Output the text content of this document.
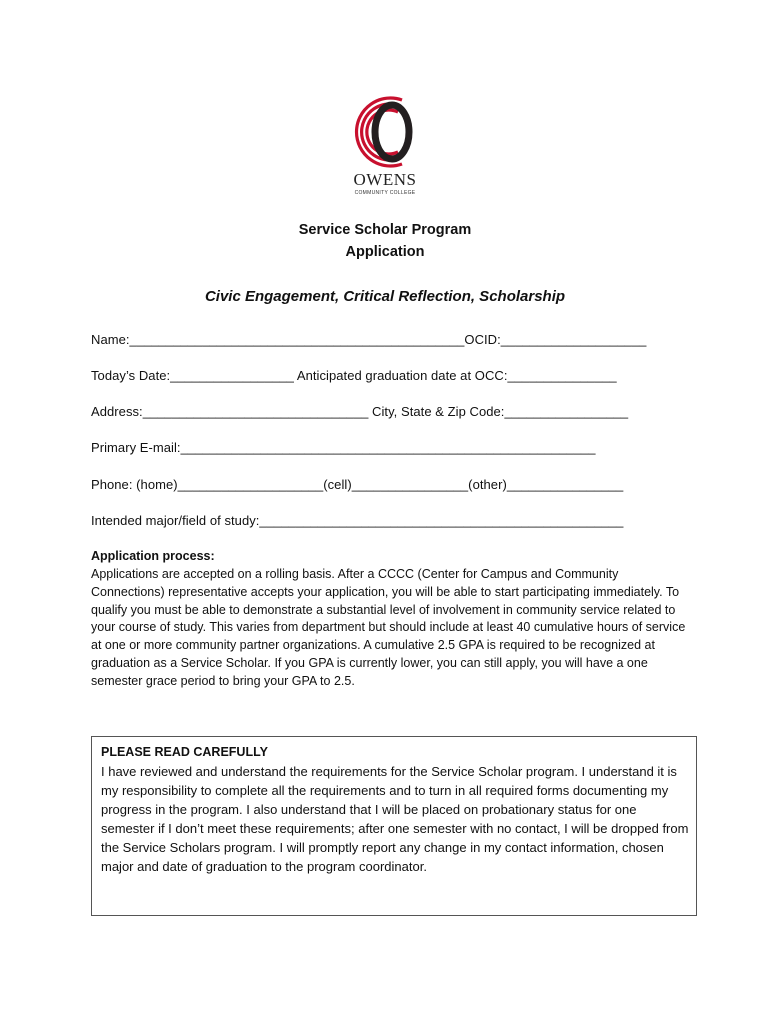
OWENS
COMMUNITY COLLEGE
Service Scholar Program
Application
Civic Engagement, Critical Reflection, Scholarship
Name:______________________________________________OCID:____________________
Today’s Date:_________________ Anticipated graduation date at OCC:_______________
Address:_______________________________ City, State & Zip Code:_________________
Primary E-mail:_________________________________________________________
Phone: (home)____________________(cell)________________(other)________________
Intended major/field of study:__________________________________________________
Application process:
Applications are accepted on a rolling basis. After a CCCC (Center for Campus and Community Connections) representative accepts your application, you will be able to start participating immediately. To qualify you must be able to demonstrate a substantial level of involvement in community service related to your course of study. This varies from department but should include at least 40 cumulative hours of service at one or more community partner organizations. A cumulative 2.5 GPA is required to be recognized at graduation as a Service Scholar. If you GPA is currently lower, you can still apply, you will have a one semester grace period to bring your GPA to 2.5.
PLEASE READ CAREFULLY
I have reviewed and understand the requirements for the Service Scholar program. I understand it is my responsibility to complete all the requirements and to turn in all required forms documenting my progress in the program. I also understand that I will be placed on probationary status for one semester if I don’t meet these requirements; after one semester with no contact, I will be dropped from the Service Scholars program. I will promptly report any change in my contact information, chosen major and date of graduation to the program coordinator.
